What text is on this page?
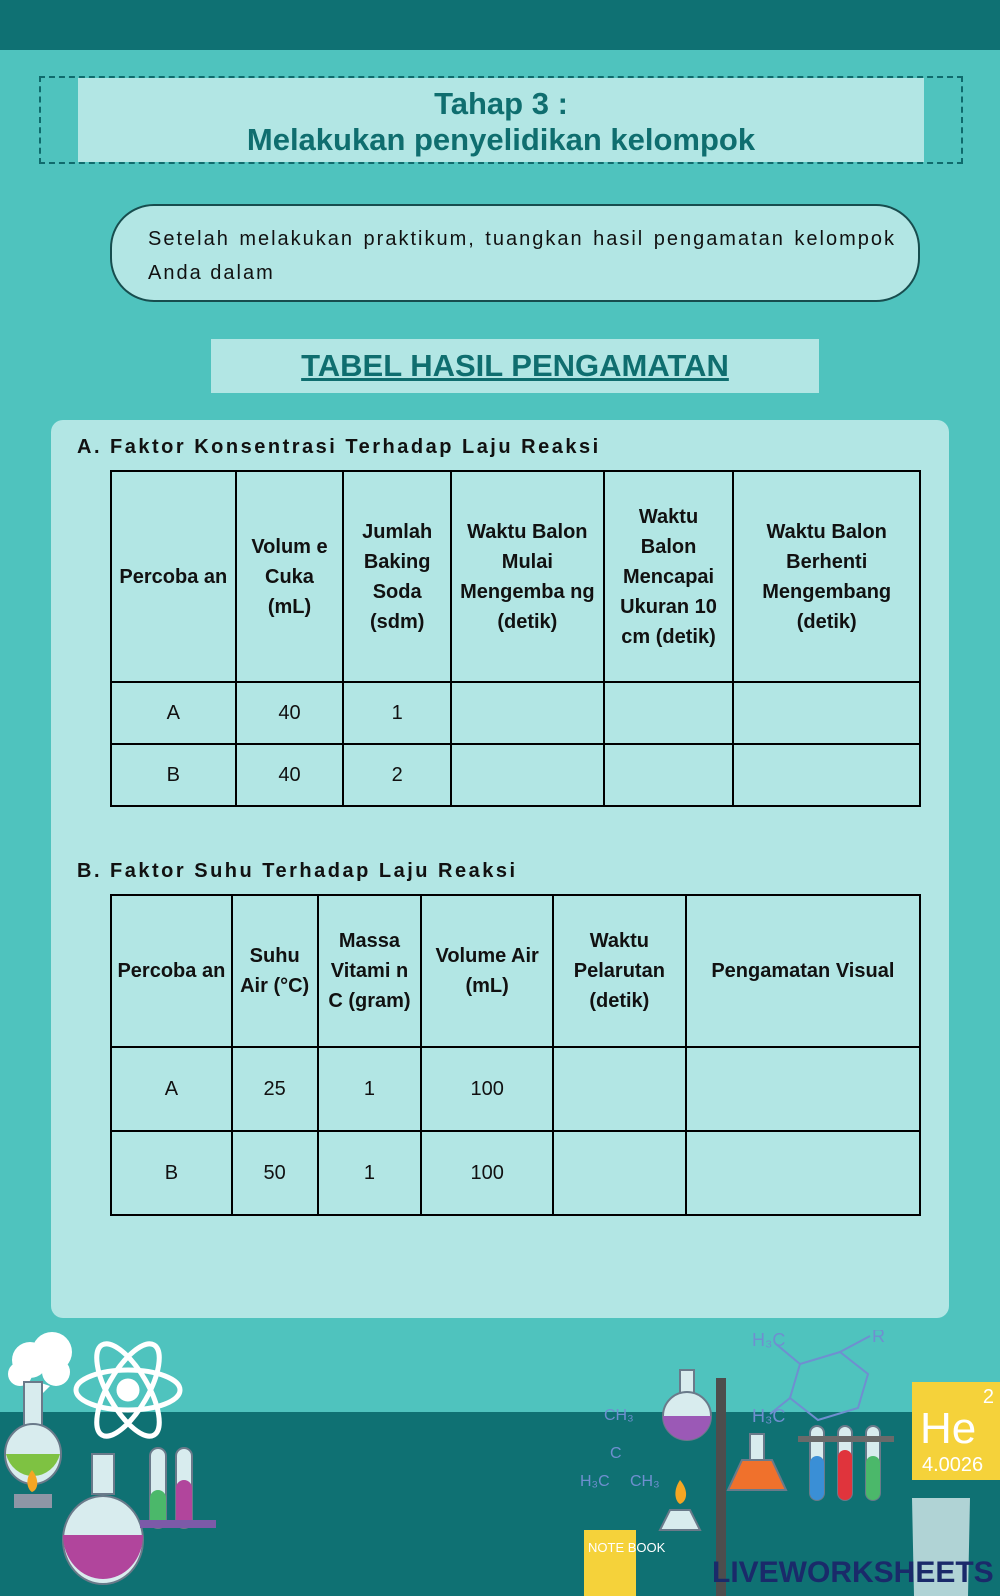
Tahap 3 :
Melakukan penyelidikan kelompok
Setelah melakukan praktikum, tuangkan hasil pengamatan kelompok Anda dalam
TABEL HASIL PENGAMATAN
A. Faktor Konsentrasi Terhadap Laju Reaksi
Percoba an	Volum e Cuka (mL)	Jumlah Baking Soda (sdm)	Waktu Balon Mulai Mengemba ng (detik)	Waktu Balon Mencapai Ukuran 10 cm (detik)	Waktu Balon Berhenti Mengembang (detik)
A	40	1			
B	40	2			
B. Faktor Suhu Terhadap Laju Reaksi
Percoba an	Suhu Air (°C)	Massa Vitami n C (gram)	Volume Air (mL)	Waktu Pelarutan (detik)	Pengamatan Visual
A	25	1	100		
B	50	1	100		
H₃C	R
H₃C
CH₃
C
H₃C CH₃
NOTE BOOK
2
He
4.0026
LIVEWORKSHEETS
